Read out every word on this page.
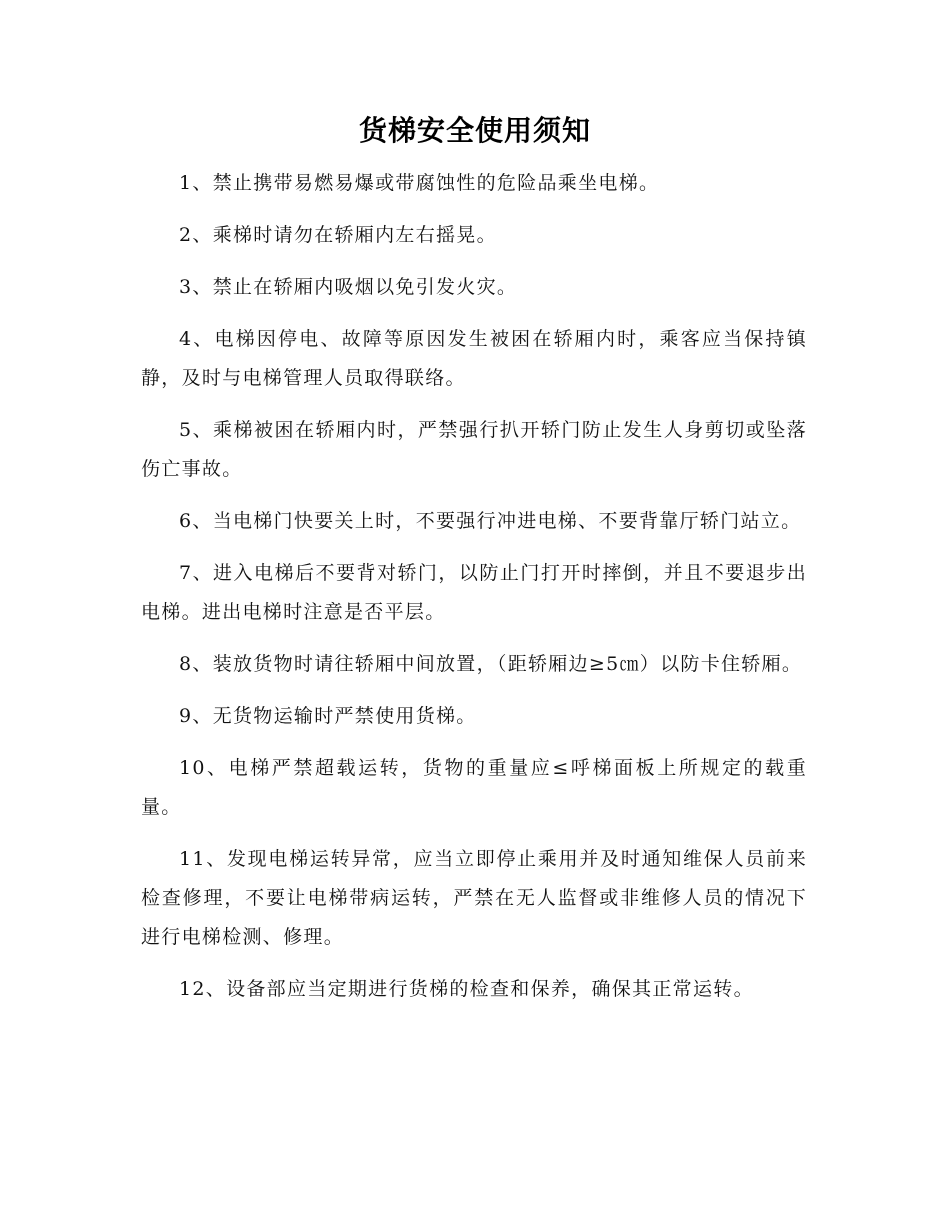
货梯安全使用须知

1、禁止携带易燃易爆或带腐蚀性的危险品乘坐电梯。

2、乘梯时请勿在轿厢内左右摇晃。

3、禁止在轿厢内吸烟以免引发火灾。

4、电梯因停电、故障等原因发生被困在轿厢内时，乘客应当保持镇静，及时与电梯管理人员取得联络。

5、乘梯被困在轿厢内时，严禁强行扒开轿门防止发生人身剪切或坠落伤亡事故。

6、当电梯门快要关上时，不要强行冲进电梯、不要背靠厅轿门站立。

7、进入电梯后不要背对轿门，以防止门打开时摔倒，并且不要退步出电梯。进出电梯时注意是否平层。

8、装放货物时请往轿厢中间放置，（距轿厢边≥5㎝）以防卡住轿厢。

9、无货物运输时严禁使用货梯。

10、电梯严禁超载运转，货物的重量应≤呼梯面板上所规定的载重量。

11、发现电梯运转异常，应当立即停止乘用并及时通知维保人员前来检查修理，不要让电梯带病运转，严禁在无人监督或非维修人员的情况下进行电梯检测、修理。

12、设备部应当定期进行货梯的检查和保养，确保其正常运转。
